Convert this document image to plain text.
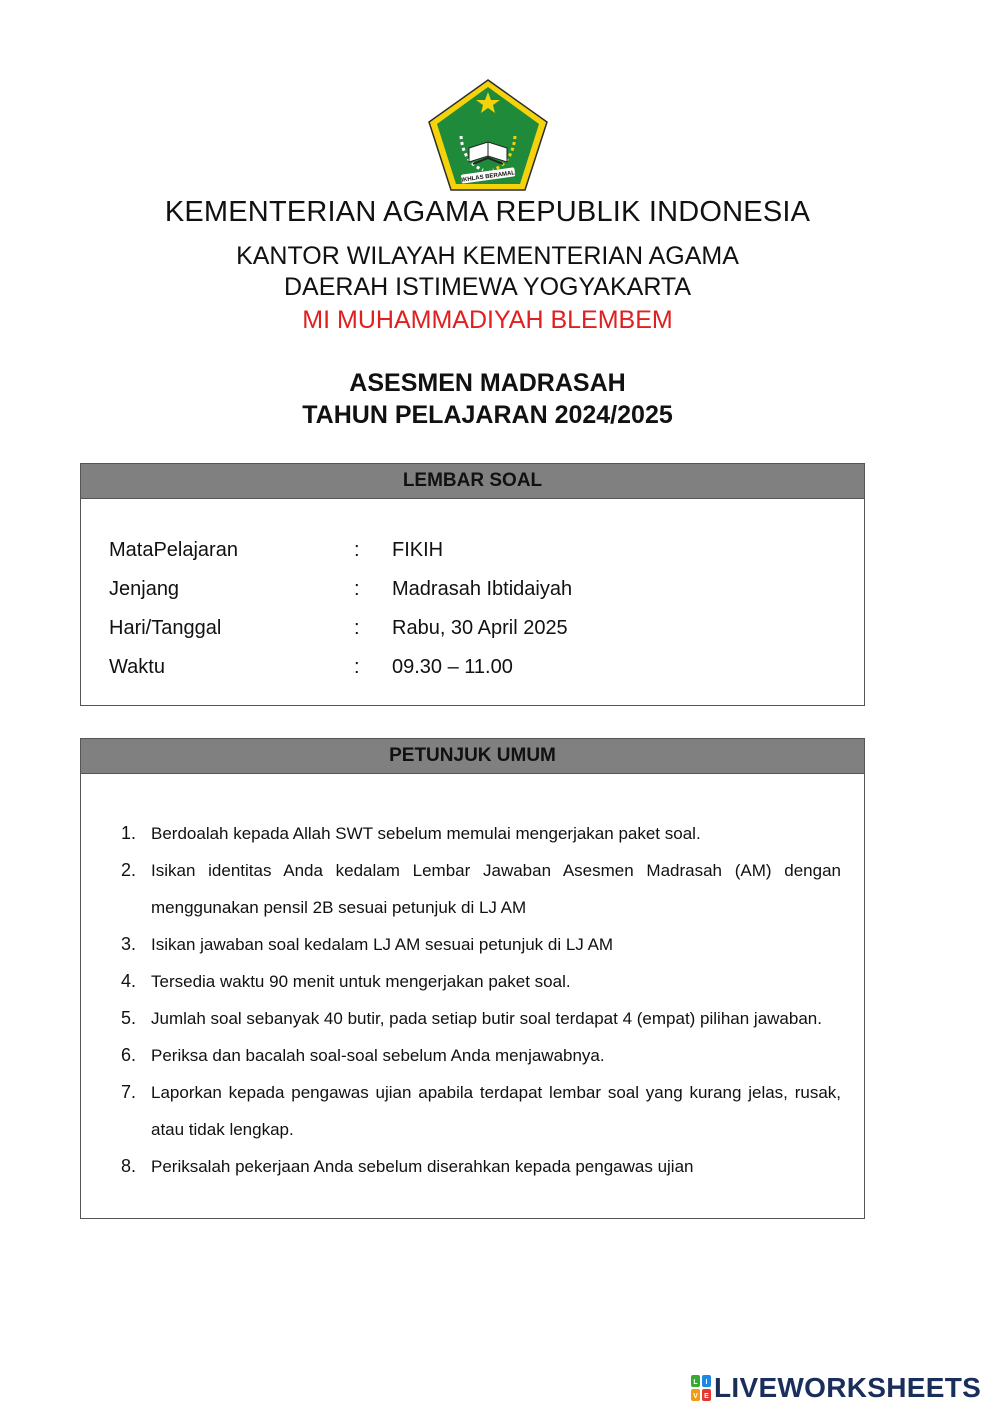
IKHLAS BERAMAL
KEMENTERIAN AGAMA REPUBLIK INDONESIA
KANTOR WILAYAH KEMENTERIAN AGAMA
DAERAH ISTIMEWA YOGYAKARTA
MI MUHAMMADIYAH BLEMBEM
ASESMEN MADRASAH
TAHUN PELAJARAN 2024/2025
LEMBAR SOAL
MataPelajaran	: FIKIH
Jenjang	: Madrasah Ibtidaiyah
Hari/Tanggal	: Rabu, 30 April 2025
Waktu	: 09.30 – 11.00
PETUNJUK UMUM
1. Berdoalah kepada Allah SWT sebelum memulai mengerjakan paket soal.
2. Isikan identitas Anda kedalam Lembar Jawaban Asesmen Madrasah (AM) dengan menggunakan pensil 2B sesuai petunjuk di LJ AM
3. Isikan jawaban soal kedalam LJ AM sesuai petunjuk di LJ AM
4. Tersedia waktu 90 menit untuk mengerjakan paket soal.
5. Jumlah soal sebanyak 40 butir, pada setiap butir soal terdapat 4 (empat) pilihan jawaban.
6. Periksa dan bacalah soal-soal sebelum Anda menjawabnya.
7. Laporkan kepada pengawas ujian apabila terdapat lembar soal yang kurang jelas, rusak, atau tidak lengkap.
8. Periksalah pekerjaan Anda sebelum diserahkan kepada pengawas ujian
L I
V E LIVEWORKSHEETS
